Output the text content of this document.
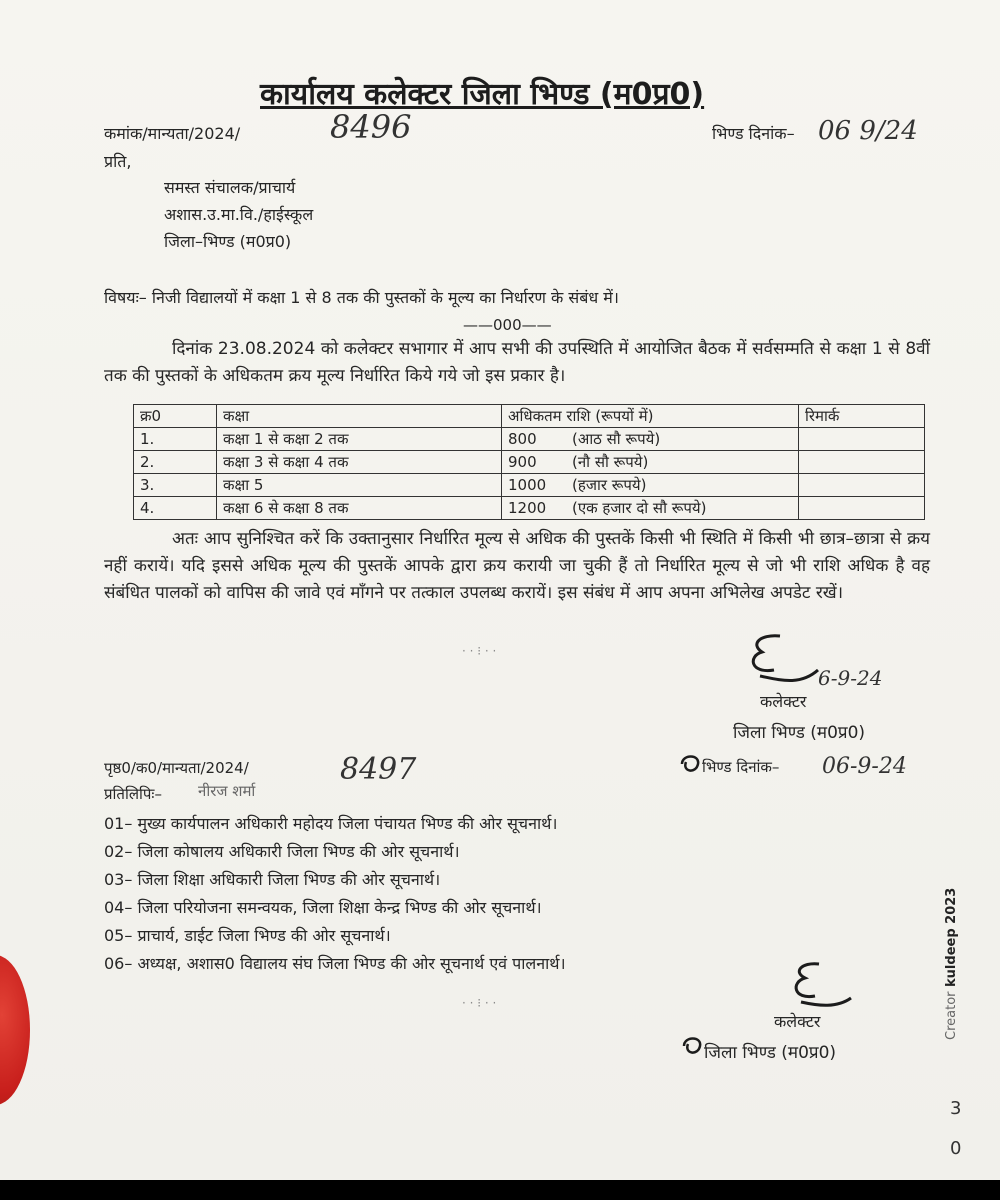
कार्यालय कलेक्टर जिला भिण्ड (म0प्र0)
कमांक/मान्यता/2024/	8496	भिण्ड दिनांक– 06 9/24
प्रति,
समस्त संचालक/प्राचार्य
अशास.उ.मा.वि./हाईस्कूल
जिला–भिण्ड (म0प्र0)
विषयः– निजी विद्यालयों में कक्षा 1 से 8 तक की पुस्तकों के मूल्य का निर्धारण के संबंध में।
——000——
दिनांक 23.08.2024 को कलेक्टर सभागार में आप सभी की उपस्थिति में आयोजित बैठक में सर्वसम्मति से कक्षा 1 से 8वीं तक की पुस्तकों के अधिकतम क्रय मूल्य निर्धारित किये गये जो इस प्रकार है।
क्र0	कक्षा	अधिकतम राशि (रूपयों में)	रिमार्क
1.	कक्षा 1 से कक्षा 2 तक	800 (आठ सौ रूपये)	
2.	कक्षा 3 से कक्षा 4 तक	900 (नौ सौ रूपये)	
3.	कक्षा 5	1000 (हजार रूपये)	
4.	कक्षा 6 से कक्षा 8 तक	1200 (एक हजार दो सौ रूपये)	
अतः आप सुनिश्चित करें कि उक्तानुसार निर्धारित मूल्य से अधिक की पुस्तकें किसी भी स्थिति में किसी भी छात्र–छात्रा से क्रय नहीं करायें। यदि इससे अधिक मूल्य की पुस्तकें आपके द्वारा क्रय करायी जा चुकी हैं तो निर्धारित मूल्य से जो भी राशि अधिक है वह संबंधित पालकों को वापिस की जावे एवं माँगने पर तत्काल उपलब्ध करायें। इस संबंध में आप अपना अभिलेख अपडेट रखें।
6-9-24
कलेक्टर
जिला भिण्ड (म0प्र0)
पृष्ठ0/क0/मान्यता/2024/	8497	भिण्ड दिनांक– 06-9-24
प्रतिलिपिः– नीरज शर्मा
01– मुख्य कार्यपालन अधिकारी महोदय जिला पंचायत भिण्ड की ओर सूचनार्थ।
02– जिला कोषालय अधिकारी जिला भिण्ड की ओर सूचनार्थ।
03– जिला शिक्षा अधिकारी जिला भिण्ड की ओर सूचनार्थ।
04– जिला परियोजना समन्वयक, जिला शिक्षा केन्द्र भिण्ड की ओर सूचनार्थ।
05– प्राचार्य, डाईट जिला भिण्ड की ओर सूचनार्थ।
06– अध्यक्ष, अशास0 विद्यालय संघ जिला भिण्ड की ओर सूचनार्थ एवं पालनार्थ।
कलेक्टर
जिला भिण्ड (म0प्र0)
· · ⁝ · ·
· · ⁝ · ·	Creator kuldeep 2023
3
0
